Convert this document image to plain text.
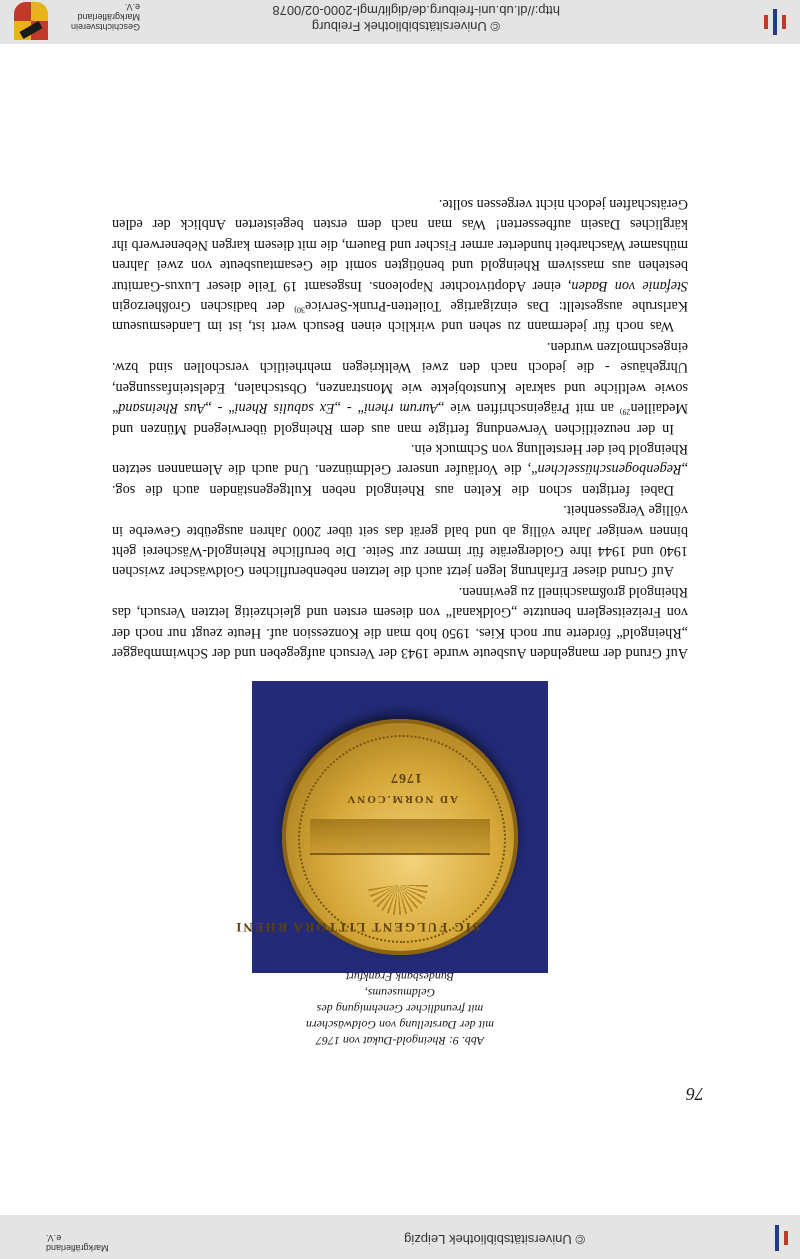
© Universitätsbibliothek Leipzig
Markgräflerland e.V.
© Universitätsbibliothek Freiburg
http://dl.ub.uni-freiburg.de/diglit/mgl-2000-02/0078
Geschichtsverein Markgräflerland e.V.

Auf Grund der mangelnden Ausbeute wurde 1943 der Versuch aufgegeben und der Schwimmbagger „Rheingold“ förderte nur noch Kies. 1950 hob man die Konzession auf. Heute zeugt nur noch der von Freizeitseglern benutzte „Goldkanal“ von diesem ersten und gleichzeitig letzten Versuch, das Rheingold großmaschinell zu gewinnen.

Auf Grund dieser Erfahrung legen jetzt auch die letzten nebenberuflichen Goldwäscher zwischen 1940 und 1944 ihre Goldergeräte für immer zur Seite. Die berufliche Rheingold-Wäscherei geht binnen weniger Jahre völlig ab und bald gerät das seit über 2000 Jahren ausgeübte Gewerbe in völlige Vergessenheit.

Dabei fertigten schon die Kelten aus Rheingold neben Kultgegenständen auch die sog. „Regenbogenschüsselchen“, die Vorläufer unserer Geldmünzen. Und auch die Alemannen setzten Rheingold bei der Herstellung von Schmuck ein.

In der neuzeitlichen Verwendung fertigte man aus dem Rheingold überwiegend Münzen und Medaillen$^{29)}$ an mit Prägeinschriften wie „Aurum rheni“ - „Ex sabulis Rheni“ - „Aus Rheinsand“ sowie weltliche und sakrale Kunstobjekte wie Monstranzen, Obstschalen, Edelsteinfassungen, Uhrgehäuse - die jedoch nach den zwei Weltkriegen mehrheitlich verschollen sind bzw. eingeschmolzen wurden.

Was noch für jedermann zu sehen und wirklich einen Besuch wert ist, ist im Landesmuseum Karlsruhe ausgestellt: Das einzigartige Toiletten-Prunk-Service$^{30)}$ der badischen Großherzogin Stefanie von Baden, einer Adoptivtochter Napoleons. Insgesamt 19 Teile dieser Luxus-Garnitur bestehen aus massivem Rheingold und benötigten somit die Gesamtausbeute von zwei Jahren mühsamer Wascharbeit hunderter armer Fischer und Bauern, die mit diesem kargen Nebenerwerb ihr kärgliches Dasein aufbesserten! Was man nach dem ersten begeisterten Anblick der edlen Gerätschaften jedoch nicht vergessen sollte.

SIC FULGENT LITTORA RHENI
AD NORM.CONV
1767
Abb. 9: Rheingold-Dukat von 1767
mit der Darstellung von Goldwäschern
mit freundlicher Genehmigung des Geldmuseums,
Bundesbank Frankfurt
76
